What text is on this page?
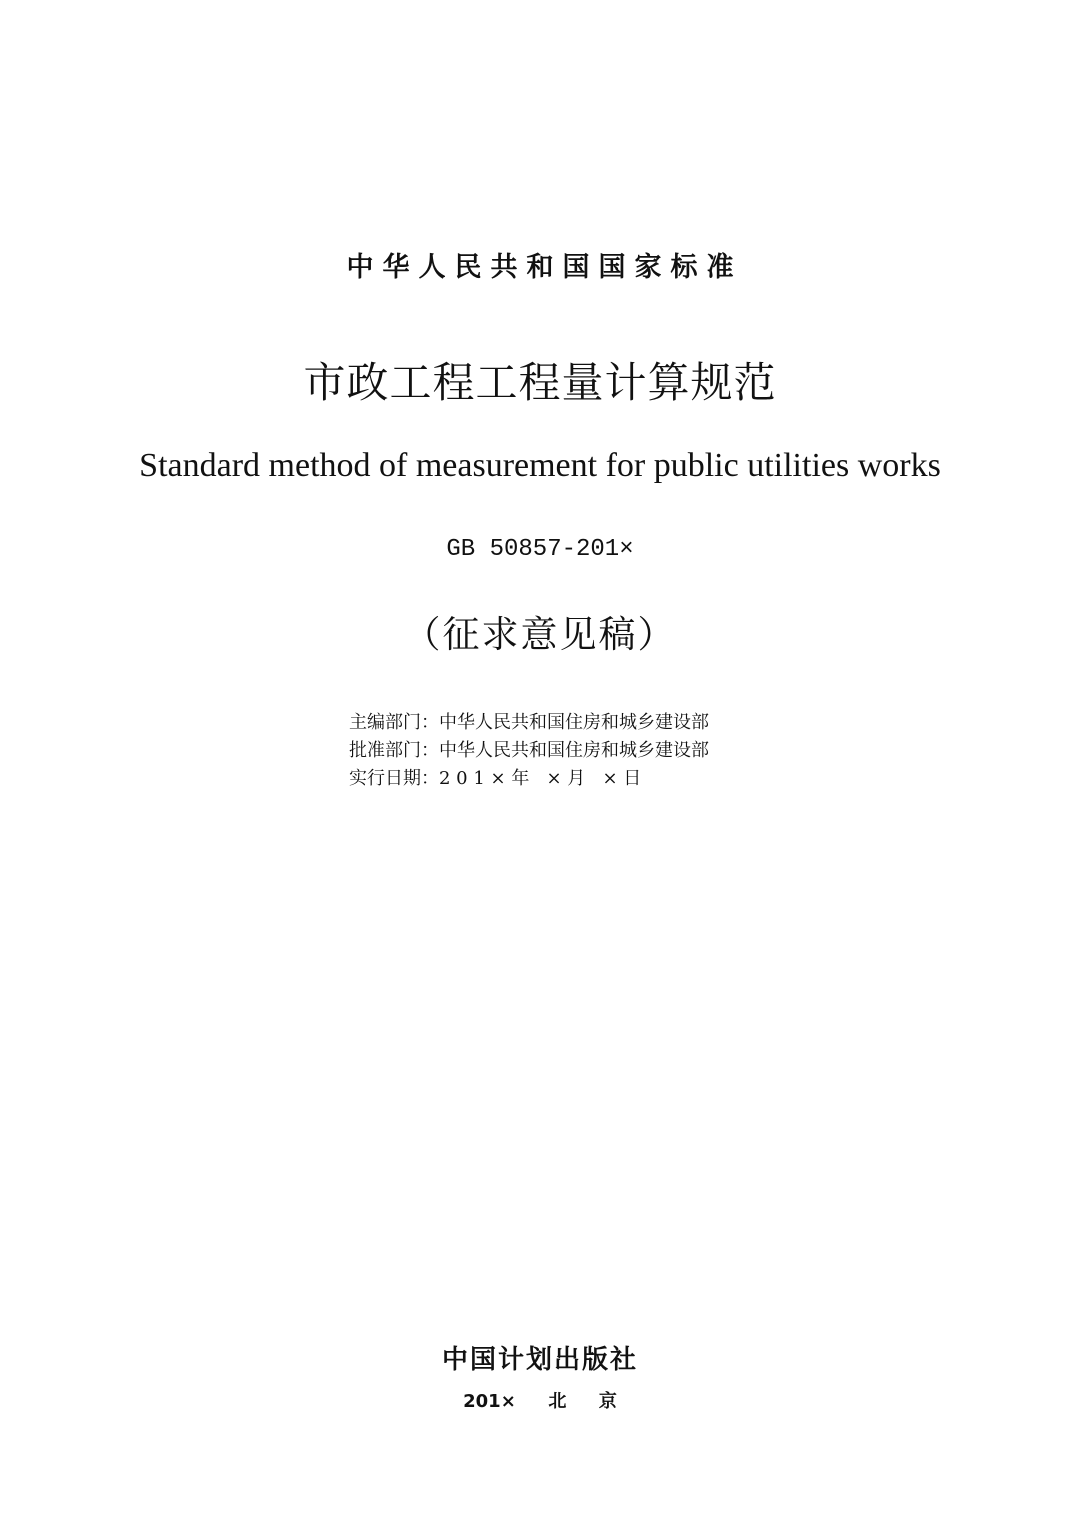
中华人民共和国国家标准
市政工程工程量计算规范
Standard method of measurement for public utilities works
GB 50857-201×
（征求意见稿）
主编部门：中华人民共和国住房和城乡建设部
批准部门：中华人民共和国住房和城乡建设部
实行日期：2 0 1 × 年   × 月   × 日
中国计划出版社
201×  北  京
